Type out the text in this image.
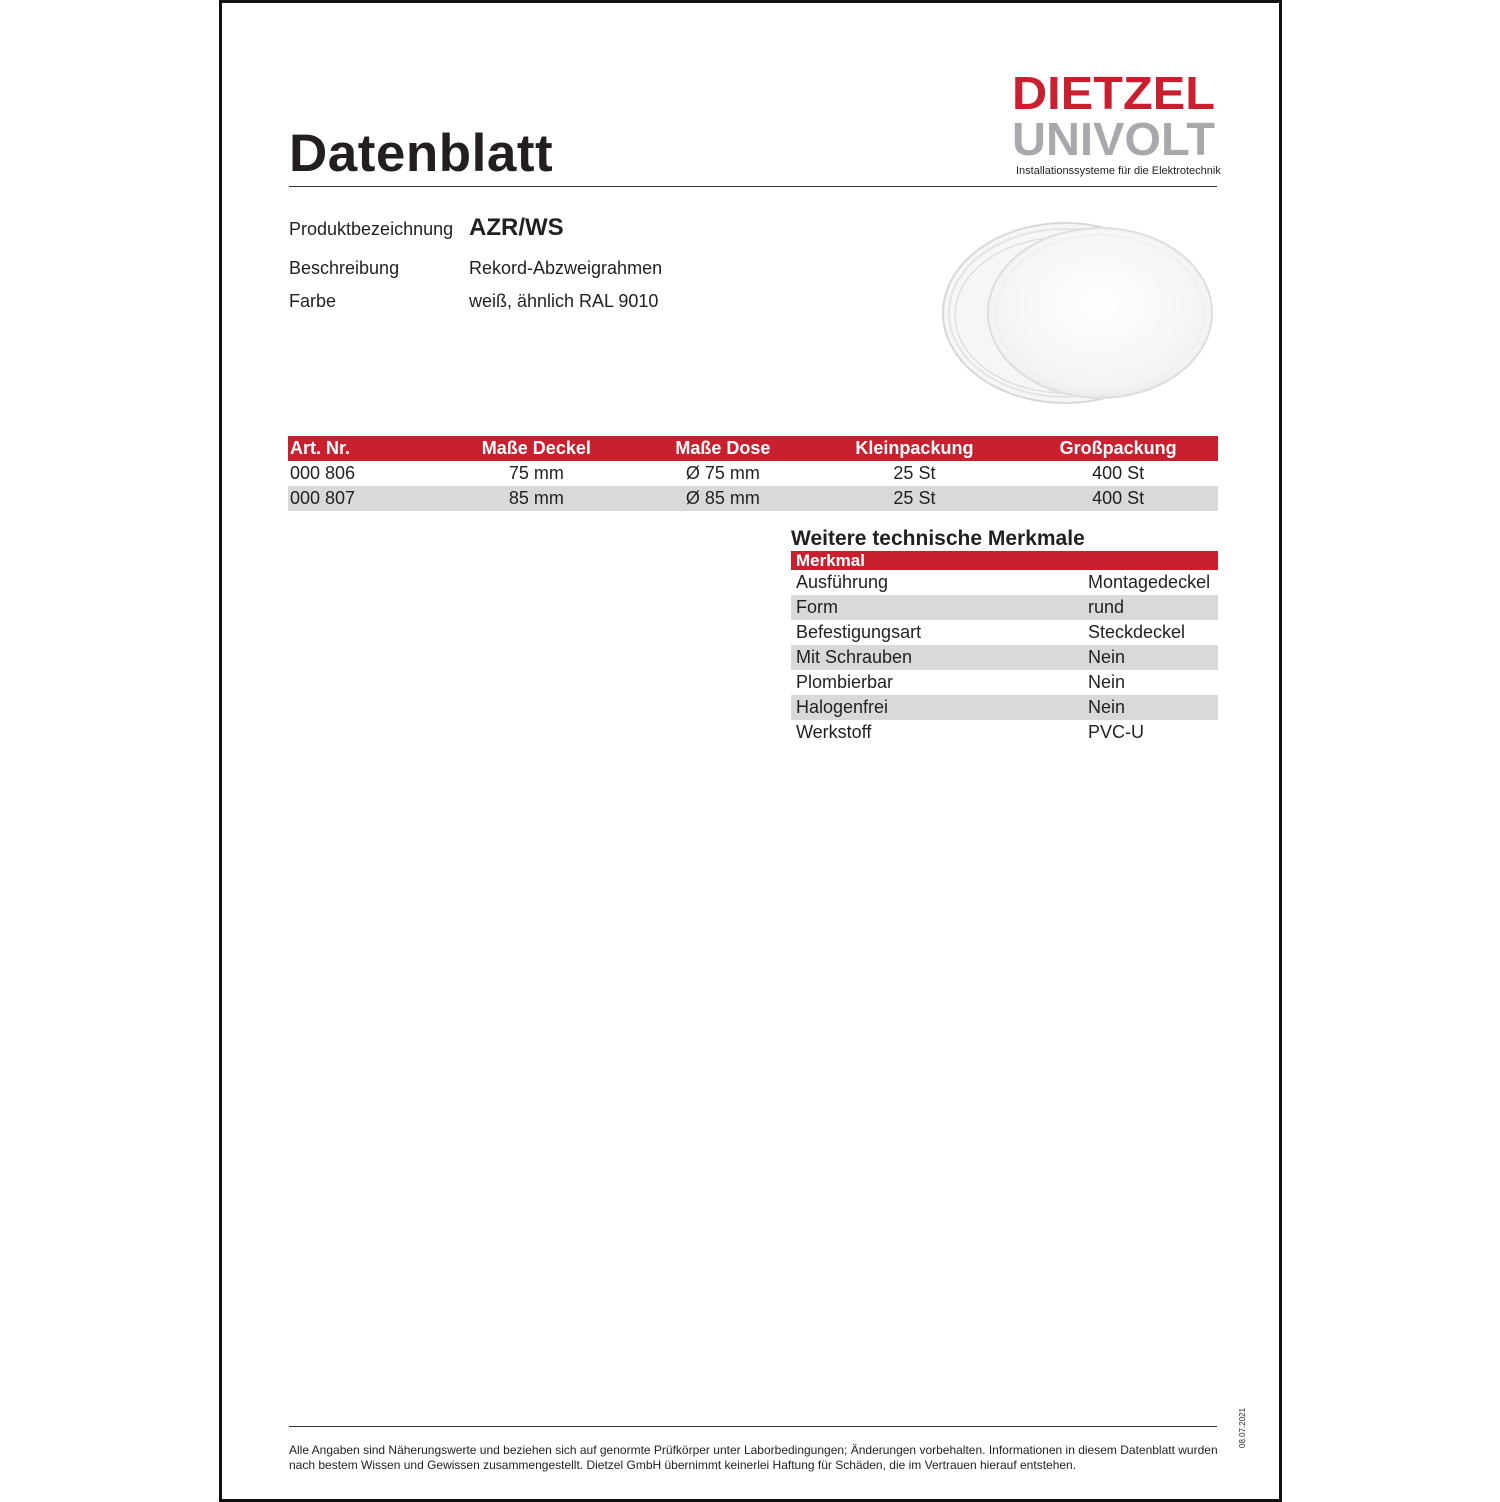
Datenblatt
DIETZEL
UNIVOLT
Installationssysteme für die Elektrotechnik
Produktbezeichnung AZR/WS
Beschreibung	Rekord-Abzweigrahmen
Farbe	weiß, ähnlich RAL 9010
Art. Nr.	Maße Deckel	Maße Dose	Kleinpackung	Großpackung
000 806	75 mm	Ø 75 mm	25 St	400 St
000 807	85 mm	Ø 85 mm	25 St	400 St
Weitere technische Merkmale
Merkmal	
Ausführung	Montagedeckel
Form	rund
Befestigungsart	Steckdeckel
Mit Schrauben	Nein
Plombierbar	Nein
Halogenfrei	Nein
Werkstoff	PVC-U
Alle Angaben sind Näherungswerte und beziehen sich auf genormte Prüfkörper unter Laborbedingungen; Änderungen vorbehalten. Informationen in diesem Datenblatt wurden nach bestem Wissen und Gewissen zusammengestellt. Dietzel GmbH übernimmt keinerlei Haftung für Schäden, die im Vertrauen hierauf entstehen.
08.07.2021
